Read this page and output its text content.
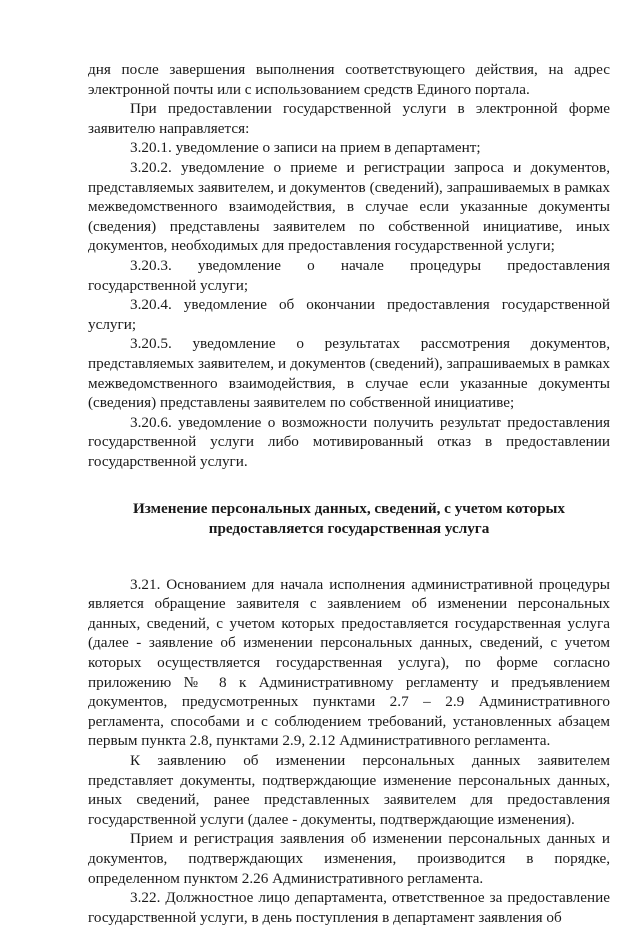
дня после завершения выполнения соответствующего действия, на адрес электронной почты или с использованием средств Единого портала.

При предоставлении государственной услуги в электронной форме заявителю направляется:

3.20.1. уведомление о записи на прием в департамент;

3.20.2. уведомление о приеме и регистрации запроса и документов, представляемых заявителем, и документов (сведений), запрашиваемых в рамках межведомственного взаимодействия, в случае если указанные документы (сведения) представлены заявителем по собственной инициативе, иных документов, необходимых для предоставления государственной услуги;

3.20.3. уведомление о начале процедуры предоставления государственной услуги;

3.20.4. уведомление об окончании предоставления государственной услуги;

3.20.5. уведомление о результатах рассмотрения документов, представляемых заявителем, и документов (сведений), запрашиваемых в рамках межведомственного взаимодействия, в случае если указанные документы (сведения) представлены заявителем по собственной инициативе;

3.20.6. уведомление о возможности получить результат предоставления государственной услуги либо мотивированный отказ в предоставлении государственной услуги.

Изменение персональных данных, сведений, с учетом которых предоставляется государственная услуга

3.21. Основанием для начала исполнения административной процедуры является обращение заявителя с заявлением об изменении персональных данных, сведений, с учетом которых предоставляется государственная услуга (далее - заявление об изменении персональных данных, сведений, с учетом которых осуществляется государственная услуга), по форме согласно приложению № 8 к Административному регламенту и предъявлением документов, предусмотренных пунктами 2.7 – 2.9 Административного регламента, способами и с соблюдением требований, установленных абзацем первым пункта 2.8, пунктами 2.9, 2.12 Административного регламента.

К заявлению об изменении персональных данных заявителем представляет документы, подтверждающие изменение персональных данных, иных сведений, ранее представленных заявителем для предоставления государственной услуги (далее - документы, подтверждающие изменения).

Прием и регистрация заявления об изменении персональных данных и документов, подтверждающих изменения, производится в порядке, определенном пунктом 2.26 Административного регламента.

3.22. Должностное лицо департамента, ответственное за предоставление государственной услуги, в день поступления в департамент заявления об
